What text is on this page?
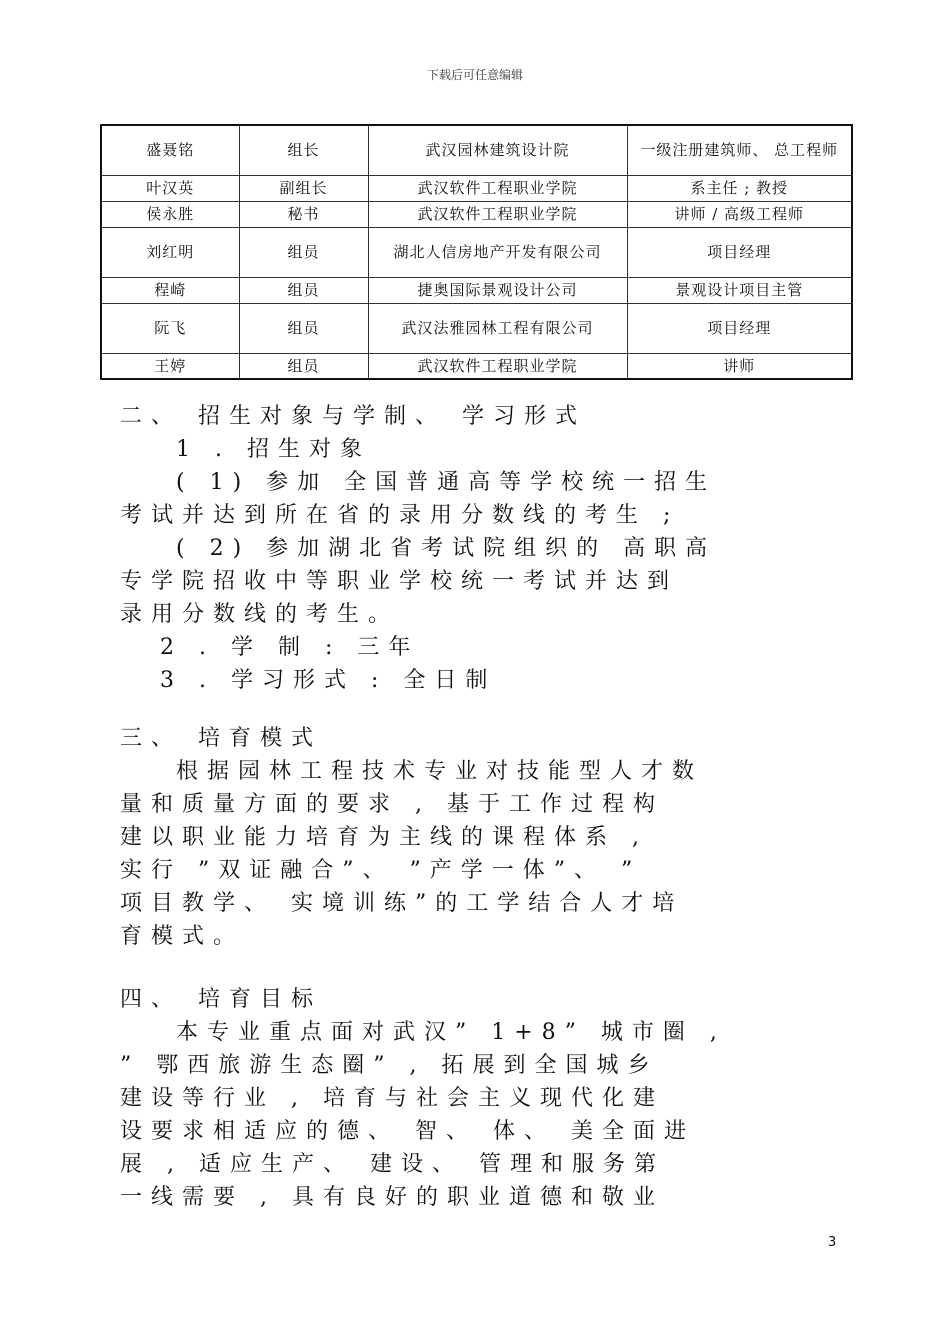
下载后可任意编辑
盛聂铭	组长	武汉园林建筑设计院	一级注册建筑师、 总工程师
叶汉英	副组长	武汉软件工程职业学院	系主任 ; 教授
侯永胜	秘书	武汉软件工程职业学院	讲师 / 高级工程师
刘红明	组员	湖北人信房地产开发有限公司	项目经理
程崎	组员	捷奥国际景观设计公司	景观设计项目主管
阮飞	组员	武汉法雅园林工程有限公司	项目经理
王婷	组员	武汉软件工程职业学院	讲师
二、 招生对象与学制、 学习形式
1 . 招生对象
( 1) 参加 全国普通高等学校统一招生
考试并达到所在省的录用分数线的考生 ;
( 2) 参加湖北省考试院组织的 高职高
专学院招收中等职业学校统一考试并达到
录用分数线的考生。
2 . 学 制 : 三年
3 . 学习形式 : 全日制
三、 培育模式
根据园林工程技术专业对技能型人才数
量和质量方面的要求 , 基于工作过程构
建以职业能力培育为主线的课程体系 ,
实行 ”双证融合”、 ”产学一体”、 ”
项目教学、 实境训练”的工学结合人才培
育模式。
四、 培育目标
本专业重点面对武汉” 1+8” 城市圈 ,
” 鄂西旅游生态圈” , 拓展到全国城乡
建设等行业 , 培育与社会主义现代化建
设要求相适应的德、 智、 体、 美全面进
展 , 适应生产、 建设、 管理和服务第
一线需要 , 具有良好的职业道德和敬业
3
